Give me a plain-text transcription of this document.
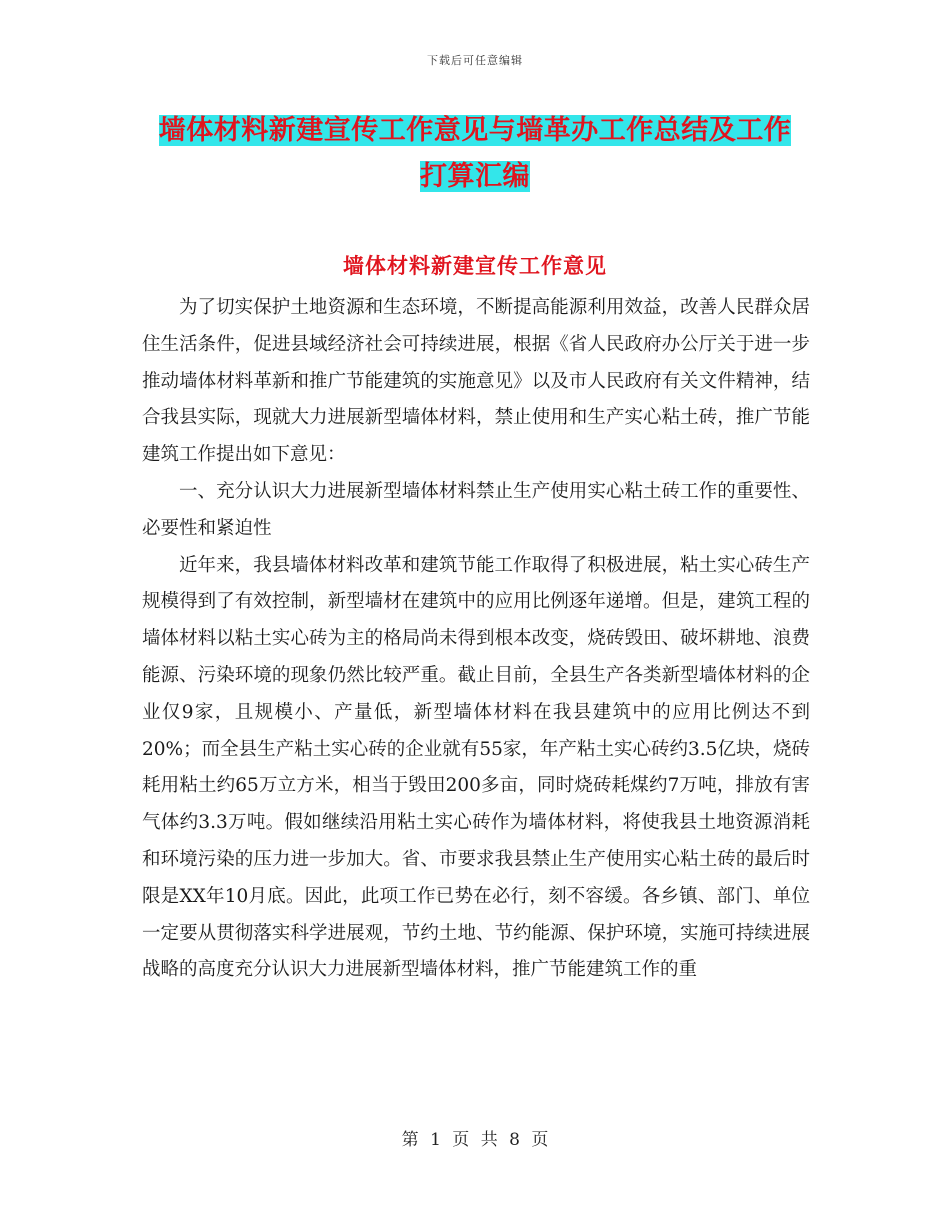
下载后可任意编辑
墙体材料新建宣传工作意见与墙革办工作总结及工作
打算汇编
墙体材料新建宣传工作意见

为了切实保护土地资源和生态环境，不断提高能源利用效益，改善人民群众居住生活条件，促进县域经济社会可持续进展，根据《省人民政府办公厅关于进一步推动墙体材料革新和推广节能建筑的实施意见》以及市人民政府有关文件精神，结合我县实际，现就大力进展新型墙体材料，禁止使用和生产实心粘土砖，推广节能建筑工作提出如下意见：

一、充分认识大力进展新型墙体材料禁止生产使用实心粘土砖工作的重要性、必要性和紧迫性

近年来，我县墙体材料改革和建筑节能工作取得了积极进展，粘土实心砖生产规模得到了有效控制，新型墙材在建筑中的应用比例逐年递增。但是，建筑工程的墙体材料以粘土实心砖为主的格局尚未得到根本改变，烧砖毁田、破坏耕地、浪费能源、污染环境的现象仍然比较严重。截止目前，全县生产各类新型墙体材料的企业仅9家，且规模小、产量低，新型墙体材料在我县建筑中的应用比例达不到20%；而全县生产粘土实心砖的企业就有55家，年产粘土实心砖约3.5亿块，烧砖耗用粘土约65万立方米，相当于毁田200多亩，同时烧砖耗煤约7万吨，排放有害气体约3.3万吨。假如继续沿用粘土实心砖作为墙体材料，将使我县土地资源消耗和环境污染的压力进一步加大。省、市要求我县禁止生产使用实心粘土砖的最后时限是XX年10月底。因此，此项工作已势在必行，刻不容缓。各乡镇、部门、单位一定要从贯彻落实科学进展观，节约土地、节约能源、保护环境，实施可持续进展战略的高度充分认识大力进展新型墙体材料，推广节能建筑工作的重

第 1 页 共 8 页
